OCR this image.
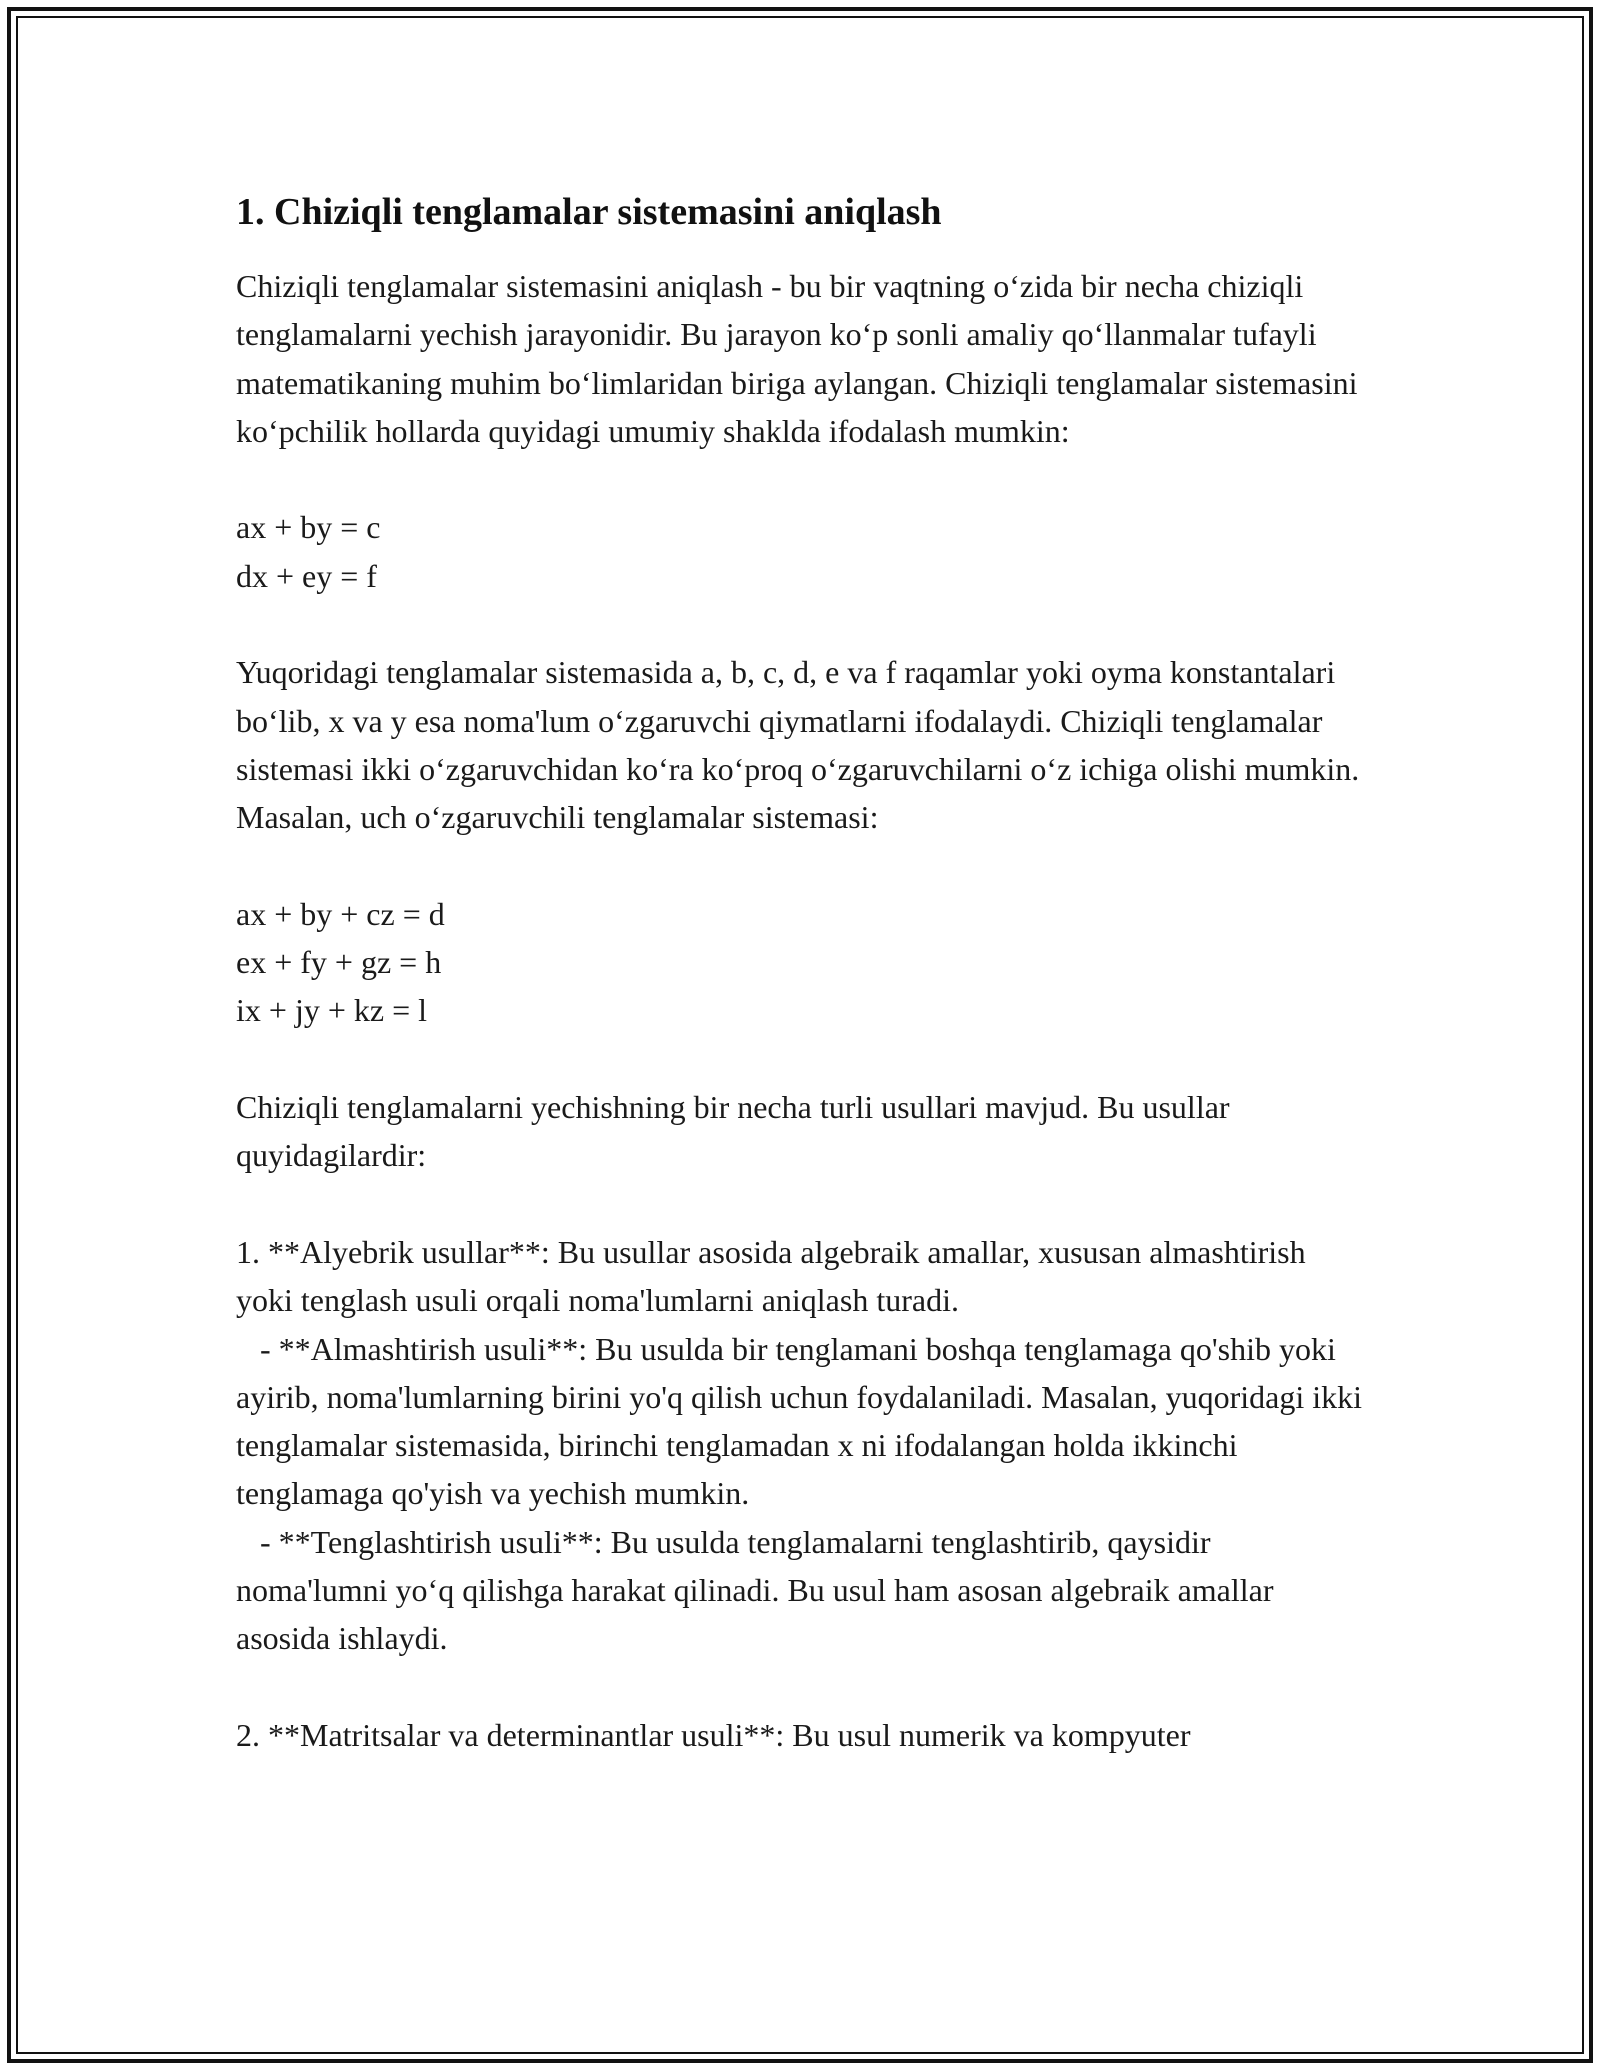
1. Chiziqli tenglamalar sistemasini aniqlash

Chiziqli tenglamalar sistemasini aniqlash - bu bir vaqtning o‘zida bir necha chiziqli tenglamalarni yechish jarayonidir. Bu jarayon ko‘p sonli amaliy qo‘llanmalar tufayli matematikaning muhim bo‘limlaridan biriga aylangan. Chiziqli tenglamalar sistemasini ko‘pchilik hollarda quyidagi umumiy shaklda ifodalash mumkin:

ax + by = c

dx + ey = f

Yuqoridagi tenglamalar sistemasida a, b, c, d, e va f raqamlar yoki oyma konstantalari bo‘lib, x va y esa noma'lum o‘zgaruvchi qiymatlarni ifodalaydi. Chiziqli tenglamalar sistemasi ikki o‘zgaruvchidan ko‘ra ko‘proq o‘zgaruvchilarni o‘z ichiga olishi mumkin. Masalan, uch o‘zgaruvchili tenglamalar sistemasi:

ax + by + cz = d

ex + fy + gz = h

ix + jy + kz = l

Chiziqli tenglamalarni yechishning bir necha turli usullari mavjud. Bu usullar quyidagilardir:

1. **Alyebrik usullar**: Bu usullar asosida algebraik amallar, xususan almashtirish yoki tenglash usuli orqali noma'lumlarni aniqlash turadi.

- **Almashtirish usuli**: Bu usulda bir tenglamani boshqa tenglamaga qo'shib yoki ayirib, noma'lumlarning birini yo'q qilish uchun foydalaniladi. Masalan, yuqoridagi ikki tenglamalar sistemasida, birinchi tenglamadan x ni ifodalangan holda ikkinchi tenglamaga qo'yish va yechish mumkin.

- **Tenglashtirish usuli**: Bu usulda tenglamalarni tenglashtirib, qaysidir noma'lumni yo‘q qilishga harakat qilinadi. Bu usul ham asosan algebraik amallar asosida ishlaydi.

2. **Matritsalar va determinantlar usuli**: Bu usul numerik va kompyuter
